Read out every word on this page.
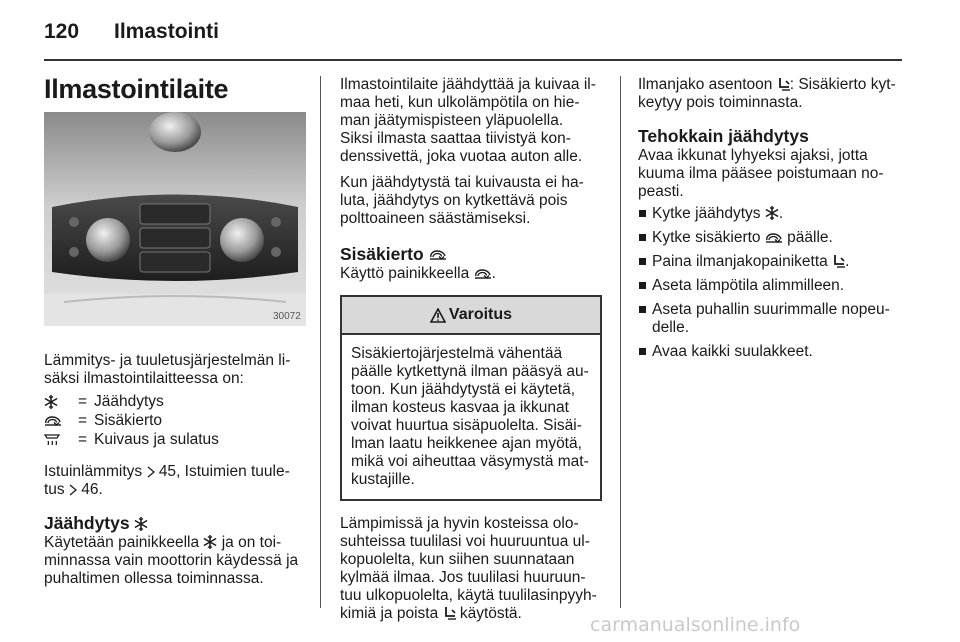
120 Ilmastointi
Ilmastointilaite
30072

Lämmitys- ja tuuletusjärjestelmän li-
säksi ilmastointilaitteessa on:

= Jäähdytys
= Sisäkierto
= Kuivaus ja sulatus

Istuinlämmitys  45, Istuimien tuule-
tus  46.

Jäähdytys

Käytetään painikkeella  ja on toi-
minnassa vain moottorin käydessä ja
puhaltimen ollessa toiminnassa.

Ilmastointilaite jäähdyttää ja kuivaa il-
maa heti, kun ulkolämpötila on hie-
man jäätymispisteen yläpuolella.
Siksi ilmasta saattaa tiivistyä kon-
denssivettä, joka vuotaa auton alle.

Kun jäähdytystä tai kuivausta ei ha-
luta, jäähdytys on kytkettävä pois
polttoaineen säästämiseksi.

Sisäkierto

Käyttö painikkeella .

Varoitus
Sisäkiertojärjestelmä vähentää
päälle kytkettynä ilman pääsyä au-
toon. Kun jäähdytystä ei käytetä,
ilman kosteus kasvaa ja ikkunat
voivat huurtua sisäpuolelta. Sisäi-
lman laatu heikkenee ajan myötä,
mikä voi aiheuttaa väsymystä mat-
kustajille.

Lämpimissä ja hyvin kosteissa olo-
suhteissa tuulilasi voi huuruuntua ul-
kopuolelta, kun siihen suunnataan
kylmää ilmaa. Jos tuulilasi huuruun-
tuu ulkopuolelta, käytä tuulilasinpyyh-
kimiä ja poista  käytöstä.

Ilmanjako asentoon : Sisäkierto kyt-
keytyy pois toiminnasta.

Tehokkain jäähdytys

Avaa ikkunat lyhyeksi ajaksi, jotta
kuuma ilma pääsee poistumaan no-
peasti.

Kytke jäähdytys .
Kytke sisäkierto  päälle.
Paina ilmanjakopainiketta .
Aseta lämpötila alimmilleen.
Aseta puhallin suurimmalle nopeu-
delle.
Avaa kaikki suulakkeet.
carmanualsonline.info
